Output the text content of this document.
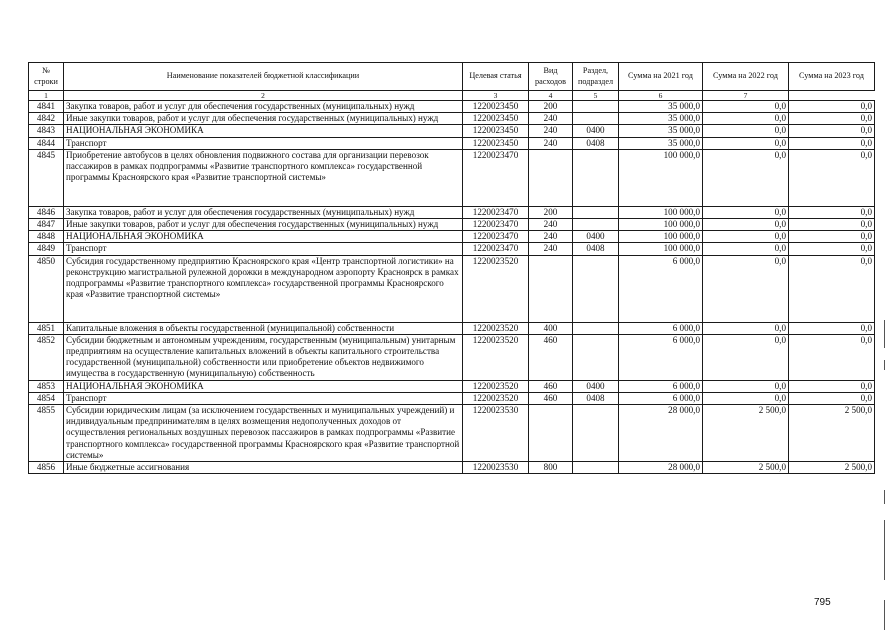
№ строки	Наименование показателей бюджетной классификации	Целевая статья	Вид расходов	Раздел, подраздел	Сумма на 2021 год	Сумма на 2022 год	Сумма на 2023 год
1	2	3	4	5	6	7	
4841	Закупка товаров, работ и услуг для обеспечения государственных (муниципальных) нужд	1220023450	200		35 000,0	0,0	0,0
4842	Иные закупки товаров, работ и услуг для обеспечения государственных (муниципальных) нужд	1220023450	240		35 000,0	0,0	0,0
4843	НАЦИОНАЛЬНАЯ ЭКОНОМИКА	1220023450	240	0400	35 000,0	0,0	0,0
4844	Транспорт	1220023450	240	0408	35 000,0	0,0	0,0
4845	Приобретение автобусов в целях обновления подвижного состава для организации перевозок пассажиров в рамках подпрограммы «Развитие транспортного комплекса» государственной программы Красноярского края «Развитие транспортной системы»	1220023470			100 000,0	0,0	0,0
4846	Закупка товаров, работ и услуг для обеспечения государственных (муниципальных) нужд	1220023470	200		100 000,0	0,0	0,0
4847	Иные закупки товаров, работ и услуг для обеспечения государственных (муниципальных) нужд	1220023470	240		100 000,0	0,0	0,0
4848	НАЦИОНАЛЬНАЯ ЭКОНОМИКА	1220023470	240	0400	100 000,0	0,0	0,0
4849	Транспорт	1220023470	240	0408	100 000,0	0,0	0,0
4850	Субсидия государственному предприятию Красноярского края «Центр транспортной логистики» на реконструкцию магистральной рулежной дорожки в международном аэропорту Красноярск в рамках подпрограммы «Развитие транспортного комплекса» государственной программы Красноярского края «Развитие транспортной системы»	1220023520			6 000,0	0,0	0,0
4851	Капитальные вложения в объекты государственной (муниципальной) собственности	1220023520	400		6 000,0	0,0	0,0
4852	Субсидии бюджетным и автономным учреждениям, государственным (муниципальным) унитарным предприятиям на осуществление капитальных вложений в объекты капитального строительства государственной (муниципальной) собственности или приобретение объектов недвижимого имущества в государственную (муниципальную) собственность	1220023520	460		6 000,0	0,0	0,0
4853	НАЦИОНАЛЬНАЯ ЭКОНОМИКА	1220023520	460	0400	6 000,0	0,0	0,0
4854	Транспорт	1220023520	460	0408	6 000,0	0,0	0,0
4855	Субсидии юридическим лицам (за исключением государственных и муниципальных учреждений) и индивидуальным предпринимателям в целях возмещения недополученных доходов от осуществления региональных воздушных перевозок пассажиров в рамках подпрограммы «Развитие транспортного комплекса» государственной программы Красноярского края «Развитие транспортной системы»	1220023530			28 000,0	2 500,0	2 500,0
4856	Иные бюджетные ассигнования	1220023530	800		28 000,0	2 500,0	2 500,0
795
